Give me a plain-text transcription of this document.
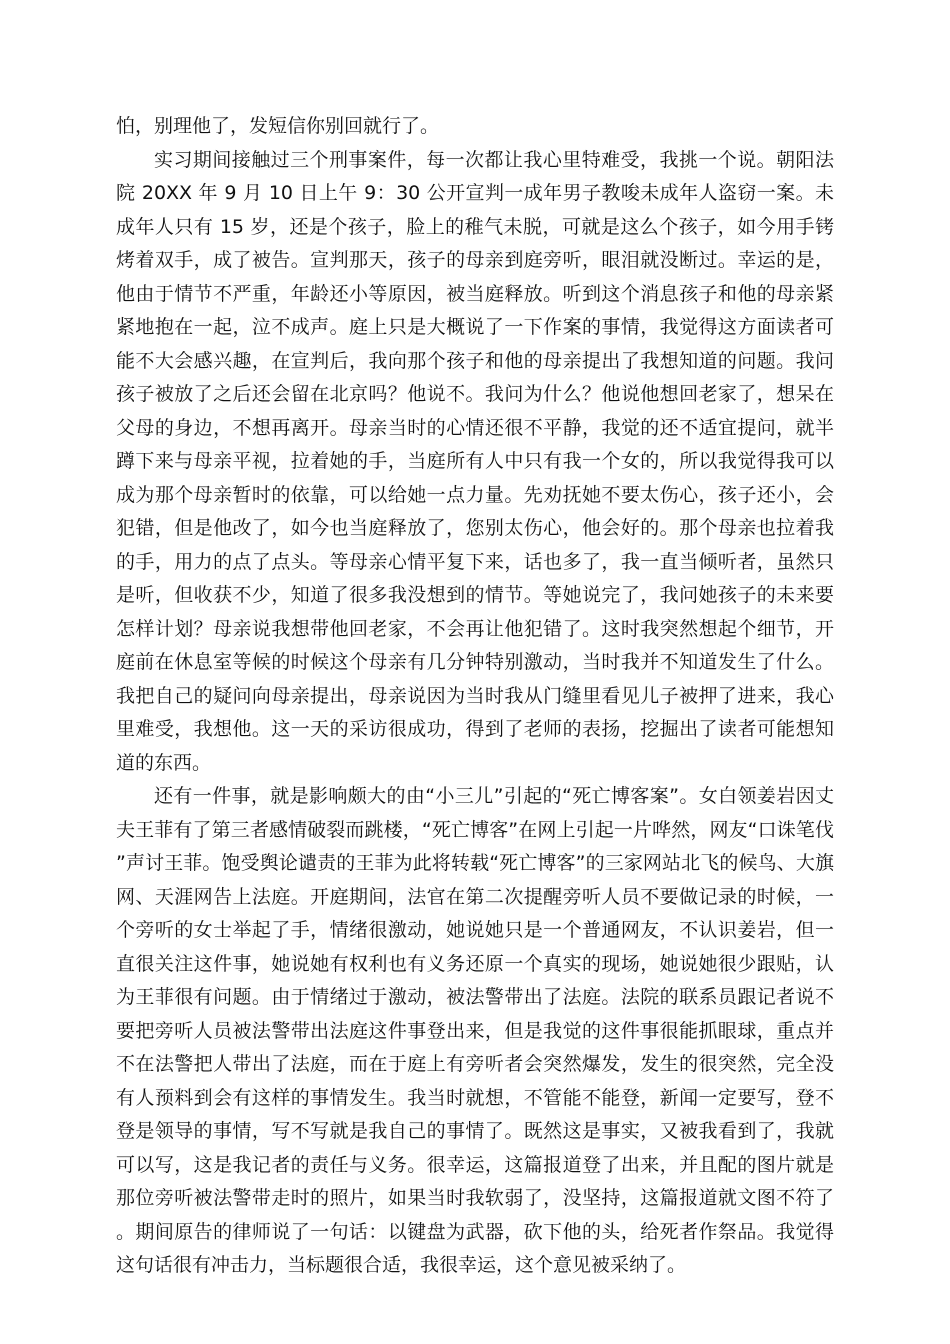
怕，别理他了，发短信你别回就行了。

实习期间接触过三个刑事案件，每一次都让我心里特难受，我挑一个说。朝阳法院 20XX 年 9 月 10 日上午 9：30 公开宣判一成年男子教唆未成年人盗窃一案。未成年人只有 15 岁，还是个孩子，脸上的稚气未脱，可就是这么个孩子，如今用手铐烤着双手，成了被告。宣判那天，孩子的母亲到庭旁听，眼泪就没断过。幸运的是，他由于情节不严重，年龄还小等原因，被当庭释放。听到这个消息孩子和他的母亲紧紧地抱在一起，泣不成声。庭上只是大概说了一下作案的事情，我觉得这方面读者可能不大会感兴趣，在宣判后，我向那个孩子和他的母亲提出了我想知道的问题。我问孩子被放了之后还会留在北京吗？他说不。我问为什么？他说他想回老家了，想呆在父母的身边，不想再离开。母亲当时的心情还很不平静，我觉的还不适宜提问，就半蹲下来与母亲平视，拉着她的手，当庭所有人中只有我一个女的，所以我觉得我可以成为那个母亲暂时的依靠，可以给她一点力量。先劝抚她不要太伤心，孩子还小，会犯错，但是他改了，如今也当庭释放了，您别太伤心，他会好的。那个母亲也拉着我的手，用力的点了点头。等母亲心情平复下来，话也多了，我一直当倾听者，虽然只是听，但收获不少，知道了很多我没想到的情节。等她说完了，我问她孩子的未来要怎样计划？母亲说我想带他回老家，不会再让他犯错了。这时我突然想起个细节，开庭前在休息室等候的时候这个母亲有几分钟特别激动，当时我并不知道发生了什么。我把自己的疑问向母亲提出，母亲说因为当时我从门缝里看见儿子被押了进来，我心里难受，我想他。这一天的采访很成功，得到了老师的表扬，挖掘出了读者可能想知道的东西。

还有一件事，就是影响颇大的由“小三儿”引起的“死亡博客案”。女白领姜岩因丈夫王菲有了第三者感情破裂而跳楼，“死亡博客”在网上引起一片哗然，网友“口诛笔伐”声讨王菲。饱受舆论谴责的王菲为此将转载“死亡博客”的三家网站北飞的候鸟、大旗网、天涯网告上法庭。开庭期间，法官在第二次提醒旁听人员不要做记录的时候，一个旁听的女士举起了手，情绪很激动，她说她只是一个普通网友，不认识姜岩，但一直很关注这件事，她说她有权利也有义务还原一个真实的现场，她说她很少跟贴，认为王菲很有问题。由于情绪过于激动，被法警带出了法庭。法院的联系员跟记者说不要把旁听人员被法警带出法庭这件事登出来，但是我觉的这件事很能抓眼球，重点并不在法警把人带出了法庭，而在于庭上有旁听者会突然爆发，发生的很突然，完全没有人预料到会有这样的事情发生。我当时就想，不管能不能登，新闻一定要写，登不登是领导的事情，写不写就是我自己的事情了。既然这是事实，又被我看到了，我就可以写，这是我记者的责任与义务。很幸运，这篇报道登了出来，并且配的图片就是那位旁听被法警带走时的照片，如果当时我软弱了，没坚持，这篇报道就文图不符了。期间原告的律师说了一句话：以键盘为武器，砍下他的头，给死者作祭品。我觉得这句话很有冲击力，当标题很合适，我很幸运，这个意见被采纳了。
